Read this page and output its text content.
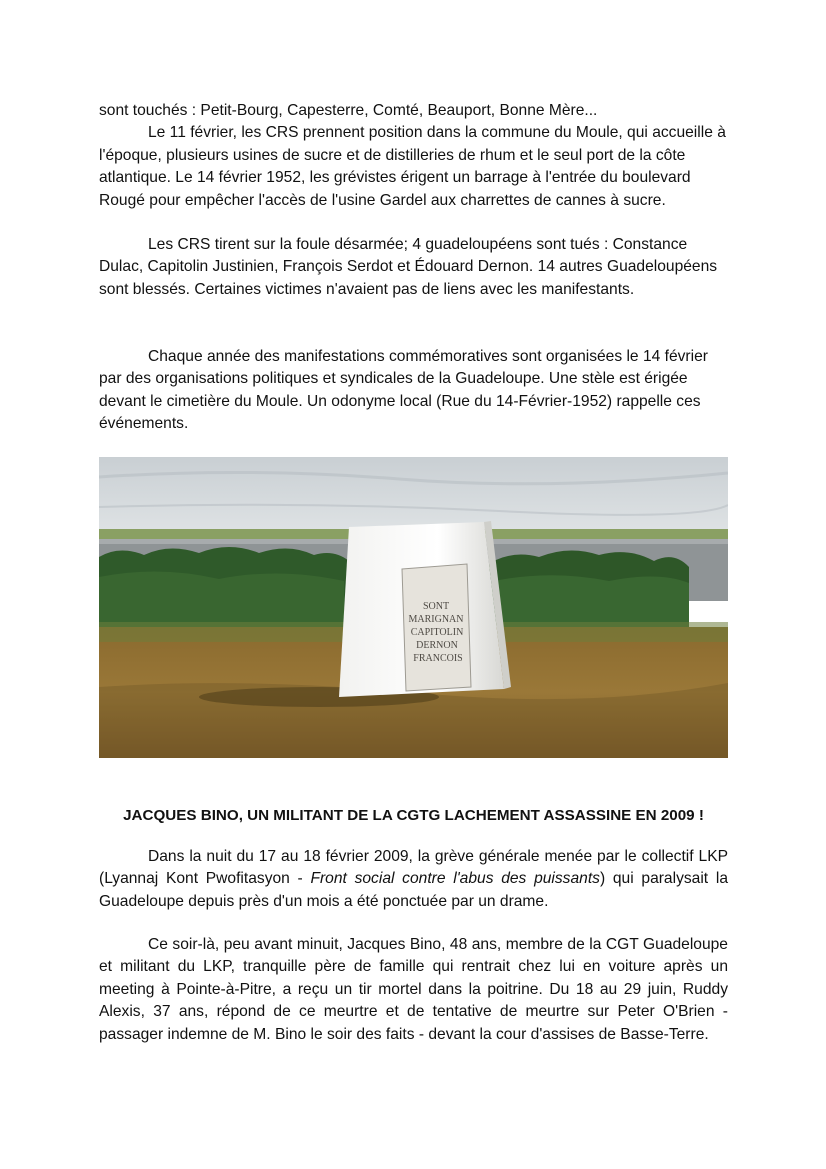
sont touchés : Petit-Bourg, Capesterre, Comté, Beauport, Bonne Mère...

Le 11 février, les CRS prennent position dans la commune du Moule, qui accueille à l'époque, plusieurs usines de sucre et de distilleries de rhum et le seul port de la côte atlantique. Le 14 février 1952, les grévistes érigent un barrage à l'entrée du boulevard Rougé pour empêcher l'accès de l'usine Gardel aux charrettes de cannes à sucre.

Les CRS tirent sur la foule désarmée; 4 guadeloupéens sont tués : Constance Dulac, Capitolin Justinien, François Serdot et Édouard Dernon. 14 autres Guadeloupéens sont blessés. Certaines victimes n'avaient pas de liens avec les manifestants.

Chaque année des manifestations commémoratives sont organisées le 14 février par des organisations politiques et syndicales de la Guadeloupe. Une stèle est érigée devant le cimetière du Moule. Un odonyme local (Rue du 14-Février-1952) rappelle ces événements.

SONT
MARIGNAN
CAPITOLIN
DERNON
FRANCOIS
JACQUES BINO, UN MILITANT DE LA CGTG LACHEMENT ASSASSINE EN 2009 !

Dans la nuit du 17 au 18 février 2009, la grève générale menée par le collectif LKP (Lyannaj Kont Pwofitasyon - Front social contre l'abus des puissants) qui paralysait la Guadeloupe depuis près d'un mois a été ponctuée par un drame.

Ce soir-là, peu avant minuit, Jacques Bino, 48 ans, membre de la CGT Guadeloupe et militant du LKP, tranquille père de famille qui rentrait chez lui en voiture après un meeting à Pointe-à-Pitre, a reçu un tir mortel dans la poitrine. Du 18 au 29 juin, Ruddy Alexis, 37 ans, répond de ce meurtre et de tentative de meurtre sur Peter O'Brien - passager indemne de M. Bino le soir des faits - devant la cour d'assises de Basse-Terre.
